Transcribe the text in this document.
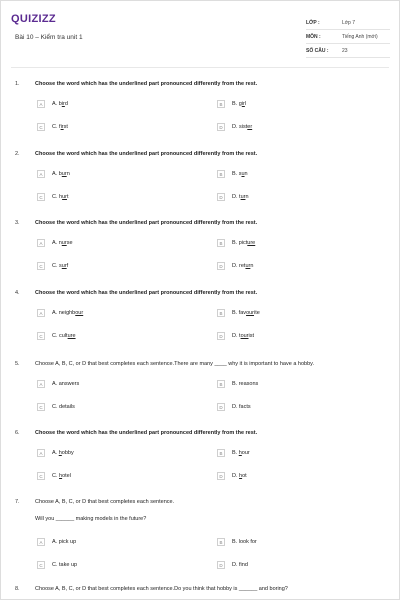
QUIZIZZ
Bài 10 – Kiểm tra unit 1
LỚP :	Lớp 7
MÔN :	Tiếng Anh (mới)
SỐ CÂU :	23
1.	Choose the word which has the underlined part pronounced differently from the rest.
A	A. bird	B	B. girl
C	C. first	D	D. sister
2.	Choose the word which has the underlined part pronounced differently from the rest.
A	A. burn	B	B. sun
C	C. hurt	D	D. turn
3.	Choose the word which has the underlined part pronounced differently from the rest.
A	A. nurse	B	B. picture
C	C. surf	D	D. return
4.	Choose the word which has the underlined part pronounced differently from the rest.
A	A. neighbour	B	B. favourite
C	C. culture	D	D. tourist
5.	Choose A, B, C, or D that best completes each sentence.There are many ____ why it is important to have a hobby.
A	A. answers	B	B. reasons
C	C. details	D	D. facts
6.	Choose the word which has the underlined part pronounced differently from the rest.
A	A. hobby	B	B. hour
C	C. hotel	D	D. hot
7.	Choose A, B, C, or D that best completes each sentence.
Will you ______ making models in the future?
A	A. pick up	B	B. look for
C	C. take up	D	D. find
8.	Choose A, B, C, or D that best completes each sentence.Do you think that hobby is ______ and boring?
